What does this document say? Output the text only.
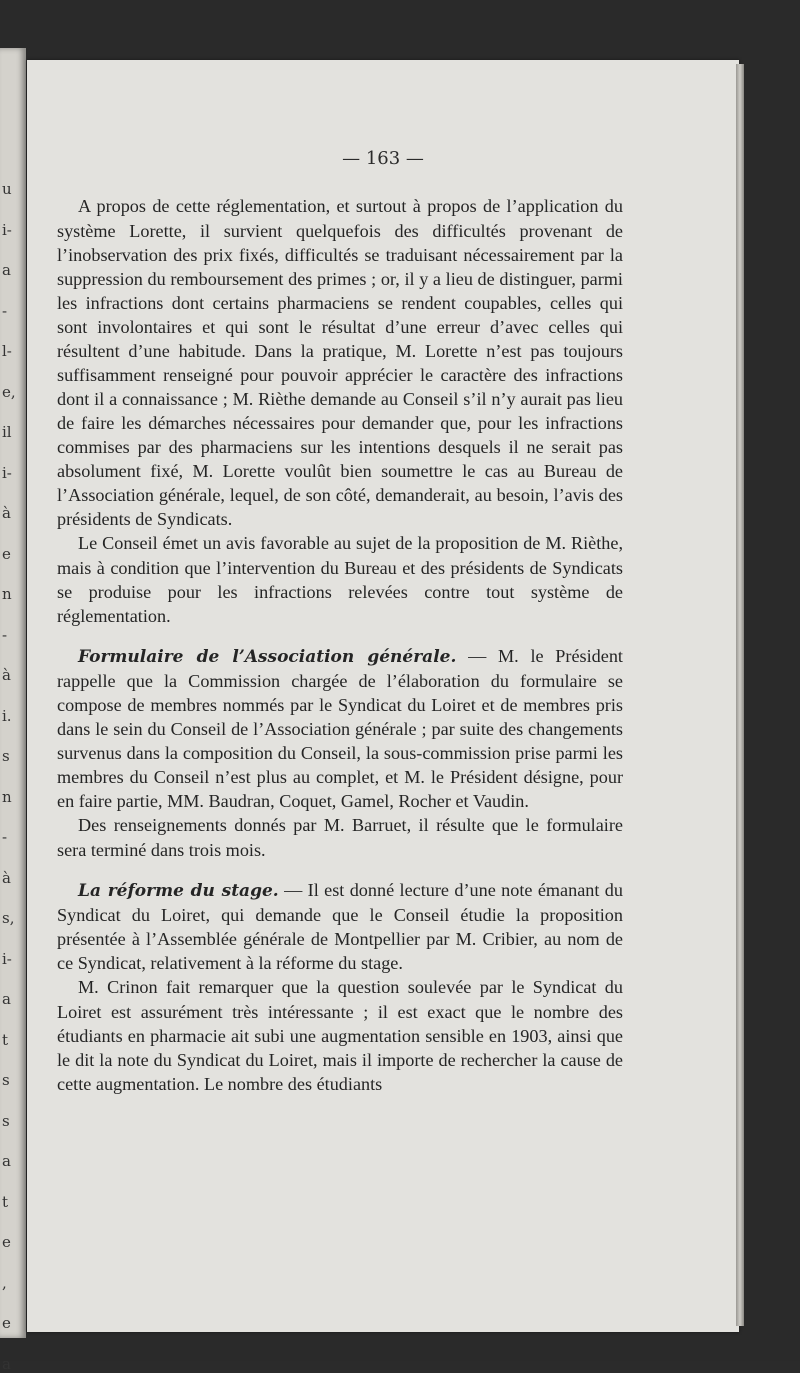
u
i-
a
-
l-
e,
il
i-
à
e
n
-
à
i.
s
n
-
à
s,
i-
a
t
s
s
a
t
e
,
e
a
— 163 —

A propos de cette réglementation, et surtout à propos de l’application du système Lorette, il survient quelquefois des difficultés provenant de l’inobservation des prix fixés, difficultés se traduisant nécessairement par la suppression du remboursement des primes ; or, il y a lieu de distinguer, parmi les infractions dont certains pharmaciens se rendent coupables, celles qui sont involontaires et qui sont le résultat d’une erreur d’avec celles qui résultent d’une habitude. Dans la pratique, M. Lorette n’est pas toujours suffisamment renseigné pour pouvoir apprécier le caractère des infractions dont il a connaissance ; M. Rièthe demande au Conseil s’il n’y aurait pas lieu de faire les démarches nécessaires pour demander que, pour les infractions commises par des pharmaciens sur les intentions desquels il ne serait pas absolument fixé, M. Lorette voulût bien soumettre le cas au Bureau de l’Association générale, lequel, de son côté, demanderait, au besoin, l’avis des présidents de Syndicats.

Le Conseil émet un avis favorable au sujet de la proposition de M. Rièthe, mais à condition que l’intervention du Bureau et des présidents de Syndicats se produise pour les infractions relevées contre tout système de réglementation.

Formulaire de l’Association générale. — M. le Président rappelle que la Commission chargée de l’élaboration du formulaire se compose de membres nommés par le Syndicat du Loiret et de membres pris dans le sein du Conseil de l’Association générale ; par suite des changements survenus dans la composition du Conseil, la sous-commission prise parmi les membres du Conseil n’est plus au complet, et M. le Président désigne, pour en faire partie, MM. Baudran, Coquet, Gamel, Rocher et Vaudin.

Des renseignements donnés par M. Barruet, il résulte que le formulaire sera terminé dans trois mois.

La réforme du stage. — Il est donné lecture d’une note émanant du Syndicat du Loiret, qui demande que le Conseil étudie la proposition présentée à l’Assemblée générale de Montpellier par M. Cribier, au nom de ce Syndicat, relativement à la réforme du stage.

M. Crinon fait remarquer que la question soulevée par le Syndicat du Loiret est assurément très intéressante ; il est exact que le nombre des étudiants en pharmacie ait subi une augmentation sensible en 1903, ainsi que le dit la note du Syndicat du Loiret, mais il importe de rechercher la cause de cette augmentation. Le nombre des étudiants
